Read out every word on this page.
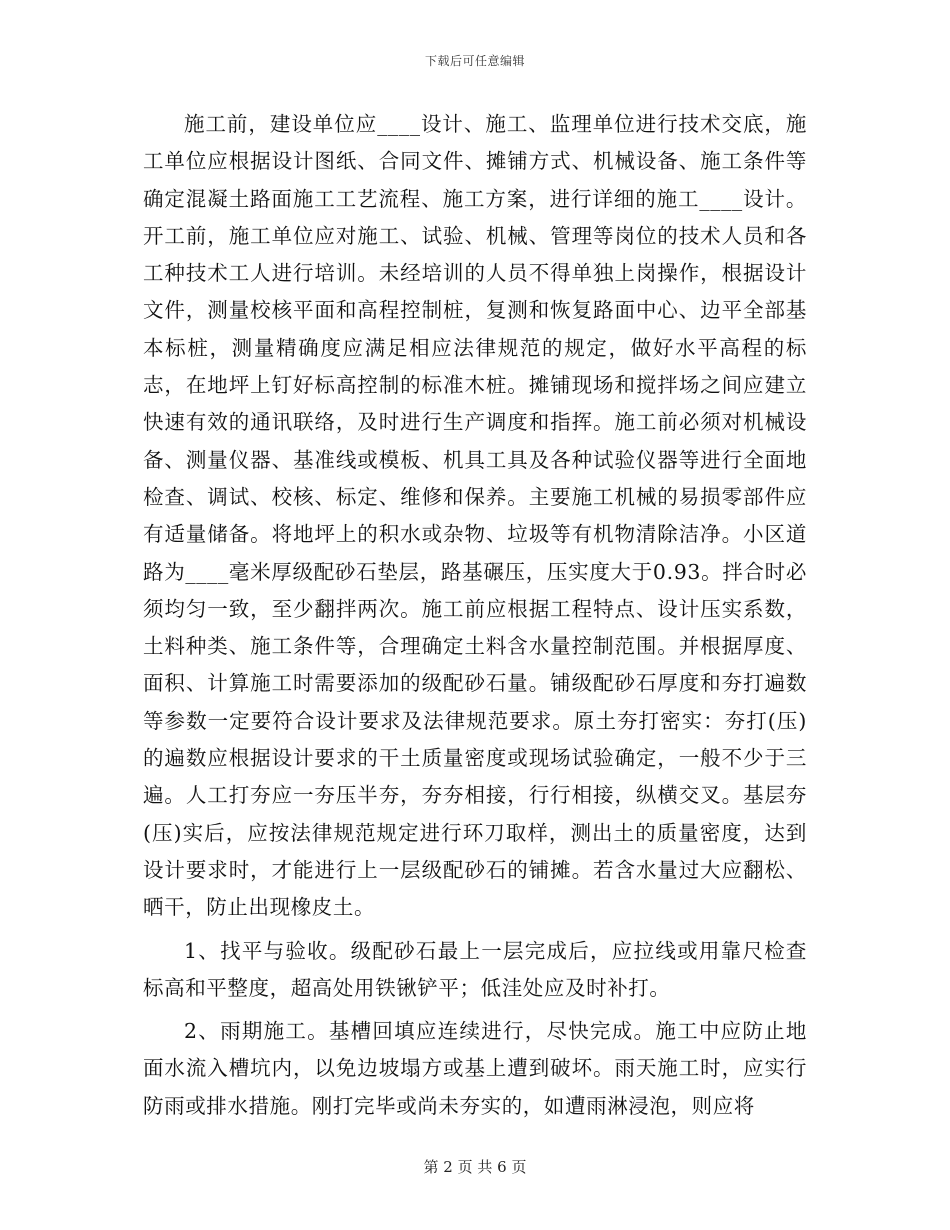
下载后可任意编辑

施工前，建设单位应____设计、施工、监理单位进行技术交底，施工单位应根据设计图纸、合同文件、摊铺方式、机械设备、施工条件等确定混凝土路面施工工艺流程、施工方案，进行详细的施工____设计。开工前，施工单位应对施工、试验、机械、管理等岗位的技术人员和各工种技术工人进行培训。未经培训的人员不得单独上岗操作，根据设计文件，测量校核平面和高程控制桩，复测和恢复路面中心、边平全部基本标桩，测量精确度应满足相应法律规范的规定，做好水平高程的标志，在地坪上钉好标高控制的标准木桩。摊铺现场和搅拌场之间应建立快速有效的通讯联络，及时进行生产调度和指挥。施工前必须对机械设备、测量仪器、基准线或模板、机具工具及各种试验仪器等进行全面地检查、调试、校核、标定、维修和保养。主要施工机械的易损零部件应有适量储备。将地坪上的积水或杂物、垃圾等有机物清除洁净。小区道路为____毫米厚级配砂石垫层，路基碾压，压实度大于0.93。拌合时必须均匀一致，至少翻拌两次。施工前应根据工程特点、设计压实系数，土料种类、施工条件等，合理确定土料含水量控制范围。并根据厚度、面积、计算施工时需要添加的级配砂石量。铺级配砂石厚度和夯打遍数等参数一定要符合设计要求及法律规范要求。原土夯打密实：夯打(压)的遍数应根据设计要求的干土质量密度或现场试验确定，一般不少于三遍。人工打夯应一夯压半夯，夯夯相接，行行相接，纵横交叉。基层夯(压)实后，应按法律规范规定进行环刀取样，测出土的质量密度，达到设计要求时，才能进行上一层级配砂石的铺摊。若含水量过大应翻松、晒干，防止出现橡皮土。

1、找平与验收。级配砂石最上一层完成后，应拉线或用靠尺检查标高和平整度，超高处用铁锹铲平；低洼处应及时补打。

2、雨期施工。基槽回填应连续进行，尽快完成。施工中应防止地面水流入槽坑内，以免边坡塌方或基上遭到破坏。雨天施工时，应实行防雨或排水措施。刚打完毕或尚未夯实的，如遭雨淋浸泡，则应将

第 2 页 共 6 页
